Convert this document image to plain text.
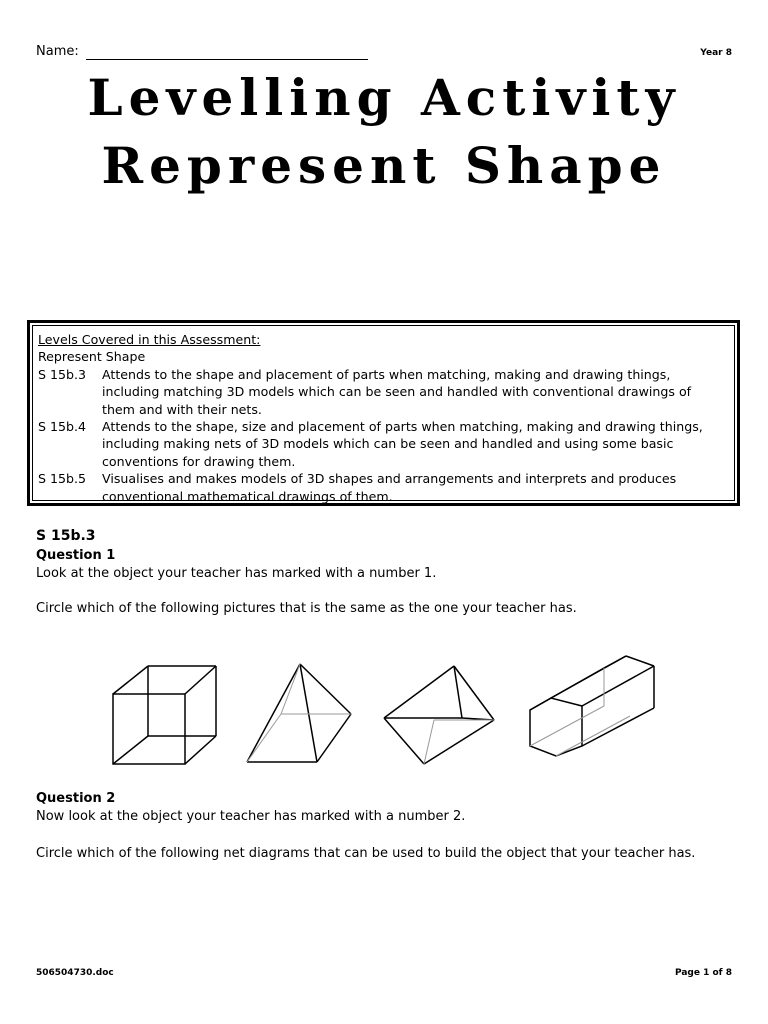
Name:	Year 8
Levelling Activity
Represent Shape
Levels Covered in this Assessment:
Represent Shape
S 15b.3	Attends to the shape and placement of parts when matching, making and drawing things, including matching 3D models which can be seen and handled with conventional drawings of them and with their nets.
S 15b.4	Attends to the shape, size and placement of parts when matching, making and drawing things, including making nets of 3D models which can be seen and handled and using some basic conventions for drawing them.
S 15b.5	Visualises and makes models of 3D shapes and arrangements and interprets and produces conventional mathematical drawings of them.
S 15b.3
Question 1
Look at the object your teacher has marked with a number 1.
Circle which of the following pictures that is the same as the one your teacher has.
Question 2
Now look at the object your teacher has marked with a number 2.
Circle which of the following net diagrams that can be used to build the object that your teacher has.
506504730.doc	Page 1 of 8
